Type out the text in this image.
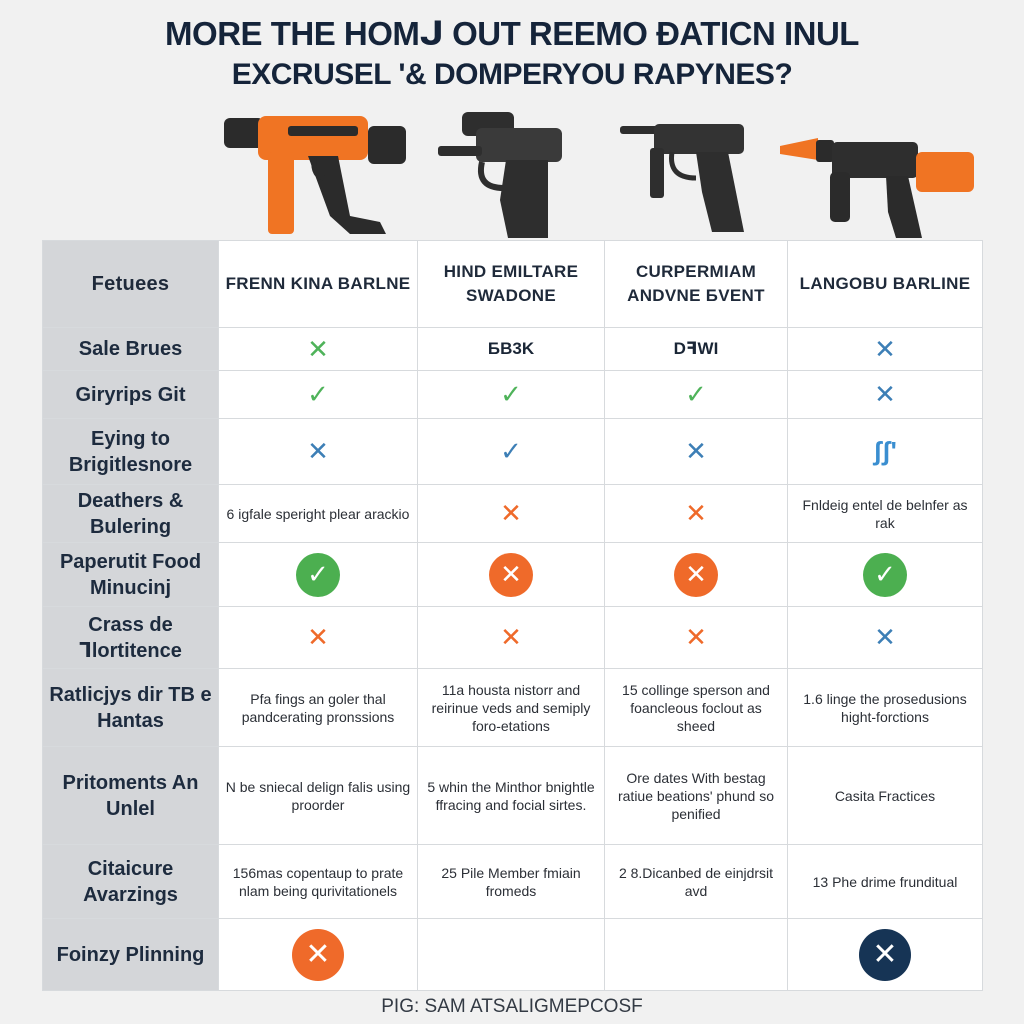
MORE THE HOMᒍ OUT REEMO ĐATICN INUL
EXCRUSEL '& DOMPERYOU RAPYNES?
Fetuees	FRENN KINA BARLNE	HIND EMILTARE SWADONE	CURPERMIAM ANDVNE ƂVENT	LANGOBU BARLINE
Sale Brues	✕	ƂB3K	DꟻWI	✕
Giryrips Git	✓	✓	✓	✕
Eying to Brigitlesnore	✕	✓	✕	ʃʃ'
Deathers & Bulering	6 igfale speright plear arackio	✕	✕	Fnldeig entel de belnfer as rak

Paperutit Food Minucinj	✓	✕	✕	✓
Crass de Ꞁlortitence	✕	✕	✕	✕
Ratlicjys dir TB e Hantas	Pfa fings an goler thal pandcerating pronssions	11a housta nistorr and reirinue veds and semiply foro-etations	15 collinge sperson and foancleous foclout as sheed	1.6 linge the prosedusions hight-forctions

Pritoments An Unlel	N be sniecal delign falis using proorder	5 whin the Minthor bnightle ffracing and focial sirtes.	Ore dates With bestag ratiue beations' phund so penified	Casita Fractices

Citaicure Avarzings	156mas copentaup to prate nlam being qurivitationels	25 Pile Member fmiain fromeds	2 8.Dicanbed de einjdrsit avd	13 Phe drime frunditual

Foinzy Plinning	✕			✕
PIG: SAM ATSALIGMEPCOSF
